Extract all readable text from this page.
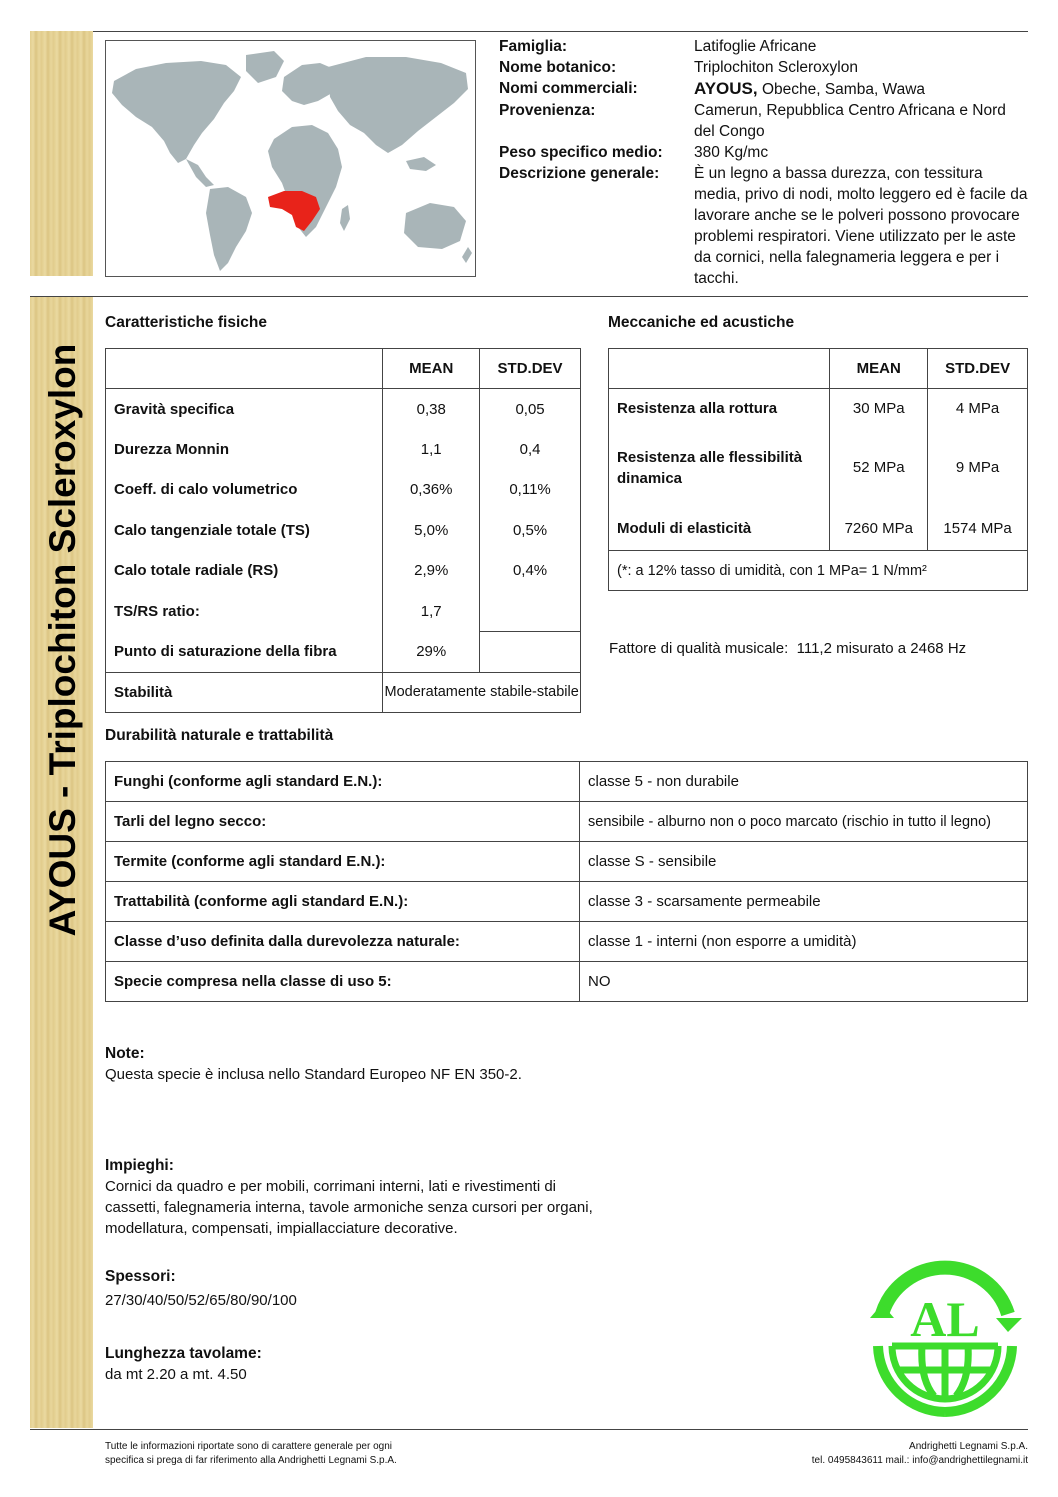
AYOUS - Triplochiton Scleroxylon
Famiglia:	Latifoglie Africane
Nome botanico:	Triplochiton Scleroxylon
Nomi commerciali:	AYOUS, Obeche, Samba, Wawa
Provenienza:	Camerun, Repubblica Centro Africana e Nord del Congo
Peso specifico medio:	380 Kg/mc
Descrizione generale:	È un legno a bassa durezza, con tessitura media, privo di nodi, molto leggero ed è facile da lavorare anche se le polveri possono provocare problemi respiratori. Viene utilizzato per le aste da cornici, nella falegnameria leggera e per i tacchi.
Caratteristiche fisiche
	MEAN	STD.DEV
Gravità specifica	0,38	0,05
Durezza Monnin	1,1	0,4
Coeff. di calo volumetrico	0,36%	0,11%
Calo tangenziale totale (TS)	5,0%	0,5%
Calo totale radiale (RS)	2,9%	0,4%
TS/RS ratio:	1,7	
Punto di saturazione della fibra	29%	
Stabilità	Moderatamente stabile-stabile	
Meccaniche ed acustiche
	MEAN	STD.DEV
Resistenza alla rottura	30 MPa	4 MPa
Resistenza alle flessibilità dinamica	52 MPa	9 MPa
Moduli di elasticità	7260 MPa	1574 MPa
(*: a 12% tasso di umidità, con 1 MPa= 1 N/mm²		
Fattore di qualità musicale: 111,2 misurato a 2468 Hz
Durabilità naturale e trattabilità
Funghi (conforme agli standard E.N.):	classe 5 - non durabile
Tarli del legno secco:	sensibile - alburno non o poco marcato (rischio in tutto il legno)
Termite (conforme agli standard E.N.):	classe S - sensibile
Trattabilità (conforme agli standard E.N.):	classe 3 - scarsamente permeabile
Classe d’uso definita dalla durevolezza naturale:	classe 1 - interni (non esporre a umidità)
Specie compresa nella classe di uso 5:	NO
Note:
Questa specie è inclusa nello Standard Europeo NF EN 350-2.
Impieghi:
Cornici da quadro e per mobili, corrimani interni, lati e rivestimenti di cassetti, falegnameria interna, tavole armoniche senza cursori per organi, modellatura, compensati, impiallacciature decorative.
Spessori:
27/30/40/50/52/65/80/90/100
Lunghezza tavolame:
da mt 2.20 a mt. 4.50
AL
Tutte le informazioni riportate sono di carattere generale per ogni
specifica si prega di far riferimento alla Andrighetti Legnami S.p.A.
Andrighetti Legnami S.p.A.
tel. 0495843611 mail.: info@andrighettilegnami.it
